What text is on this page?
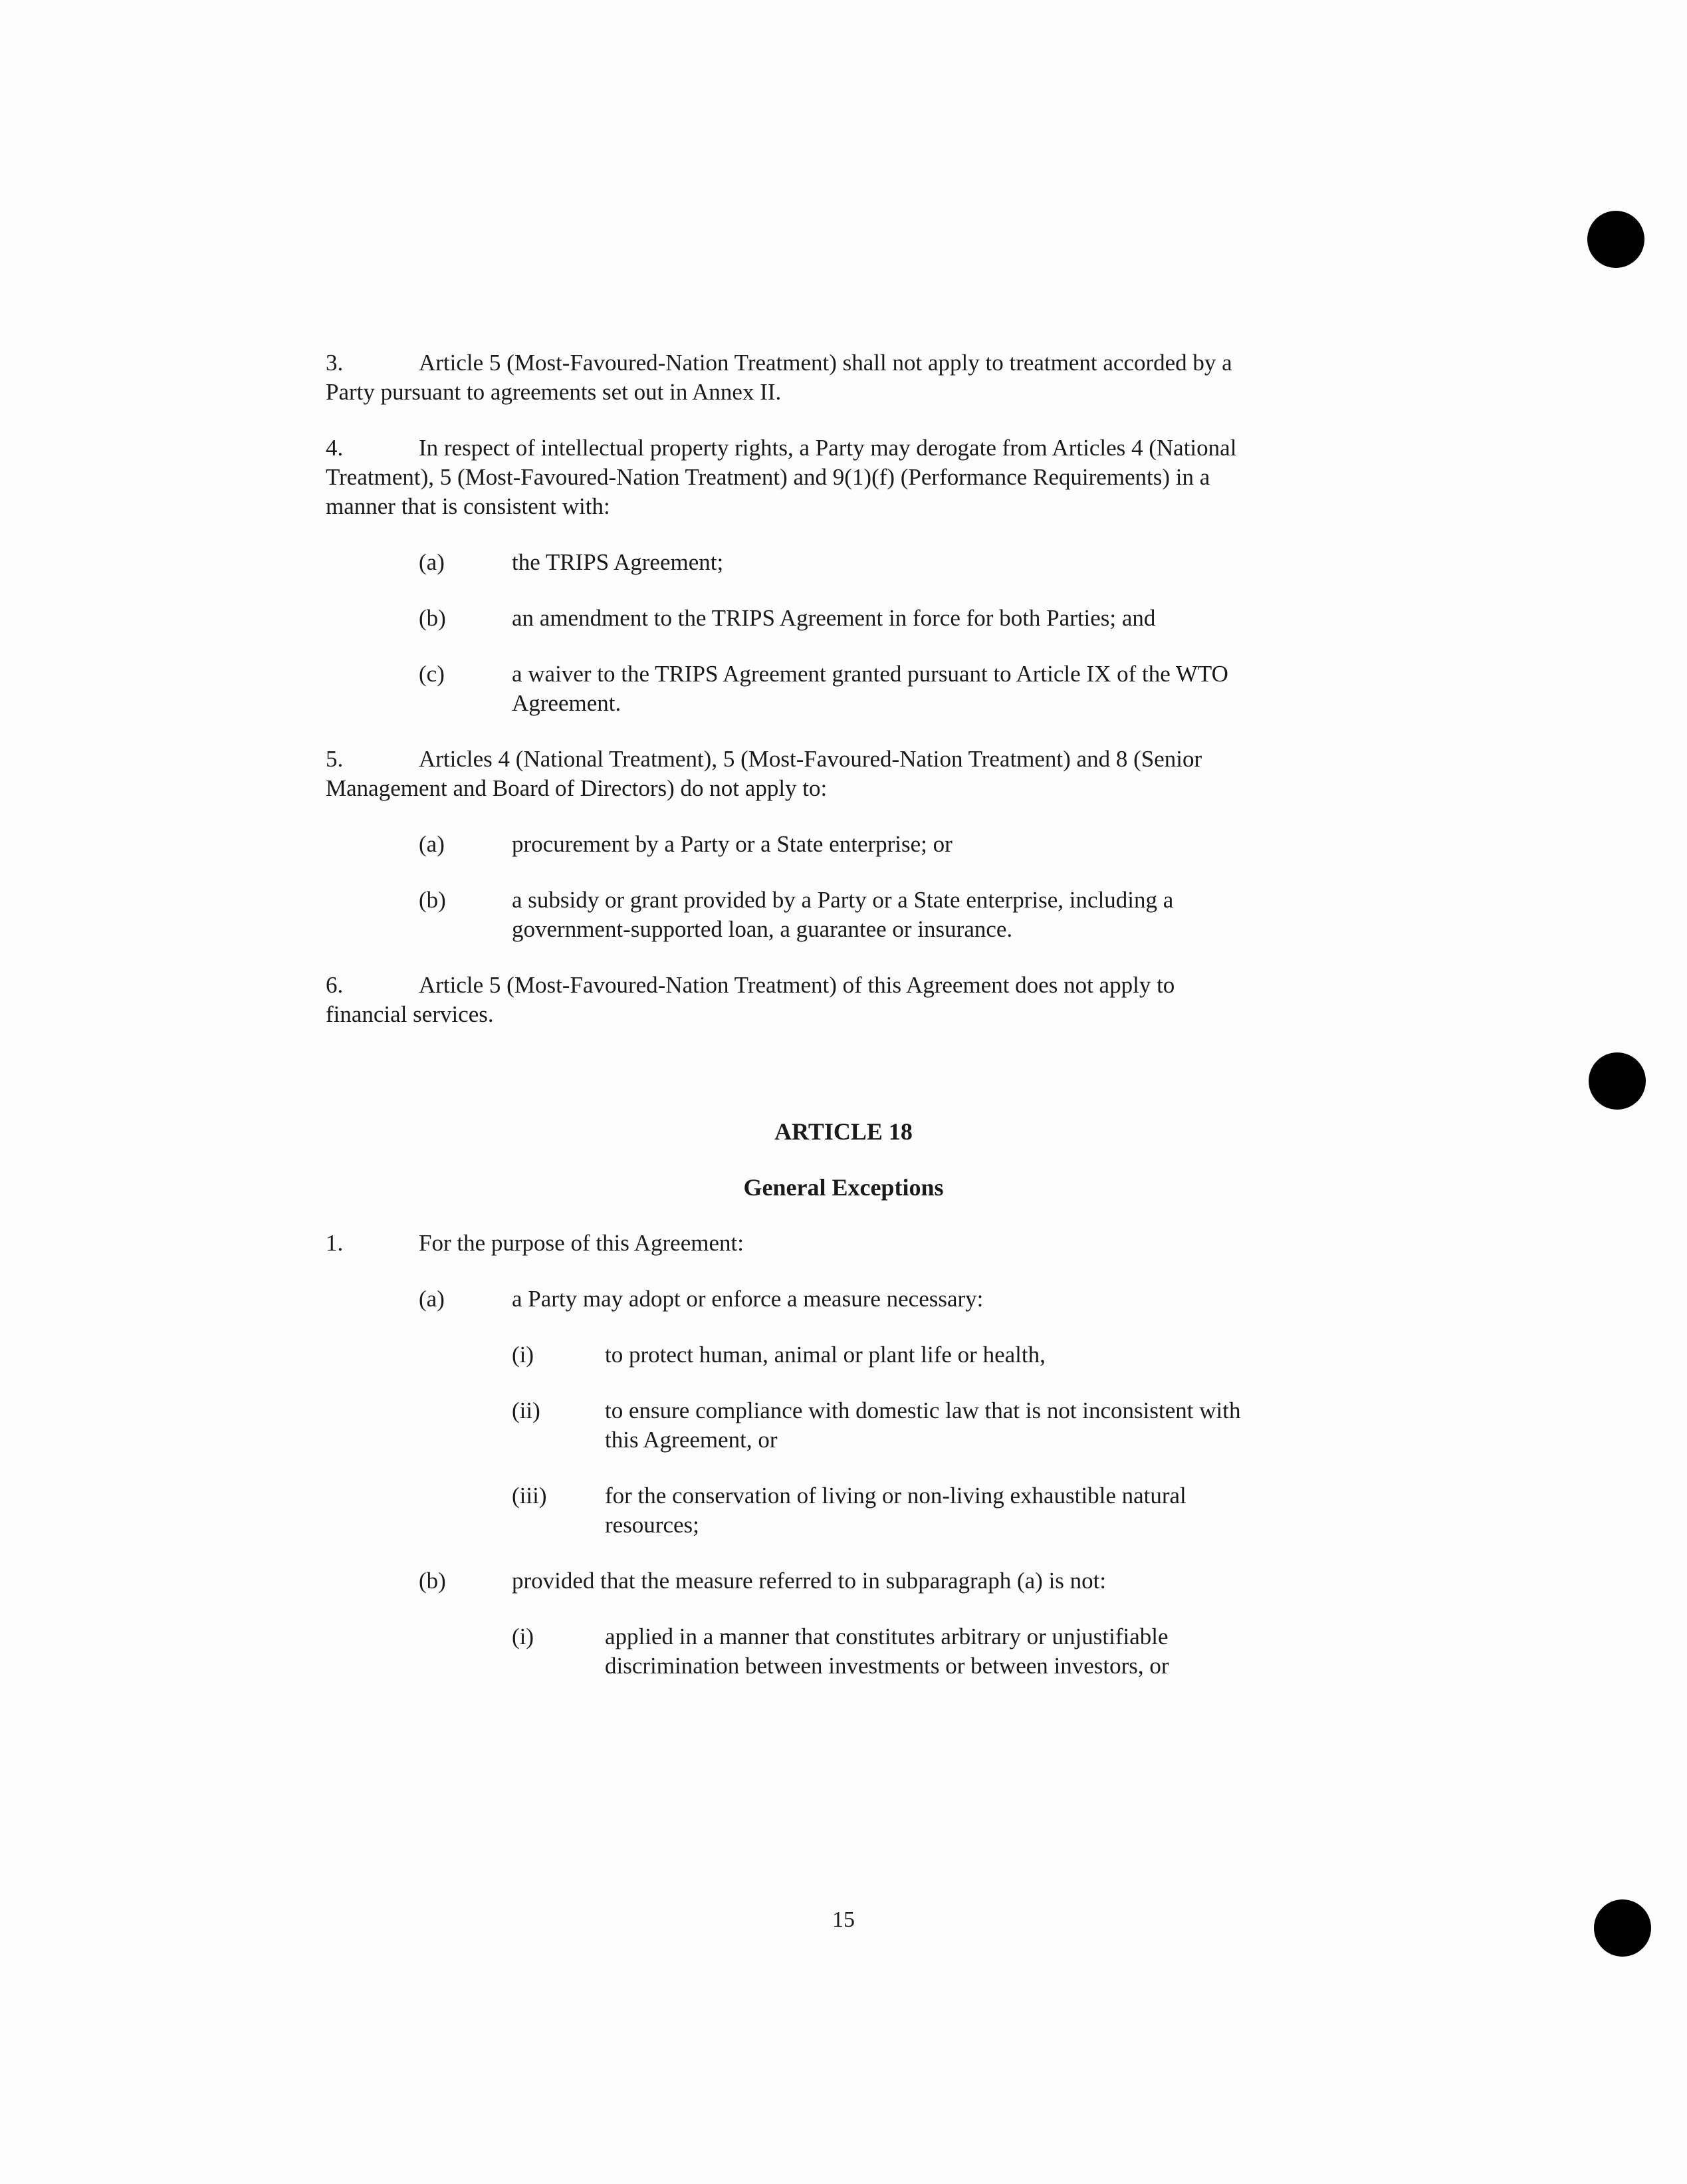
3.	Article 5 (Most-Favoured-Nation Treatment) shall not apply to treatment accorded by a
Party pursuant to agreements set out in Annex II.
4.	In respect of intellectual property rights, a Party may derogate from Articles 4 (National
Treatment), 5 (Most-Favoured-Nation Treatment) and 9(1)(f) (Performance Requirements) in a
manner that is consistent with:
(a)	the TRIPS Agreement;
(b)	an amendment to the TRIPS Agreement in force for both Parties; and
(c)	a waiver to the TRIPS Agreement granted pursuant to Article IX of the WTO
Agreement.
5.	Articles 4 (National Treatment), 5 (Most-Favoured-Nation Treatment) and 8 (Senior
Management and Board of Directors) do not apply to:
(a)	procurement by a Party or a State enterprise; or
(b)	a subsidy or grant provided by a Party or a State enterprise, including a
government-supported loan, a guarantee or insurance.
6.	Article 5 (Most-Favoured-Nation Treatment) of this Agreement does not apply to
financial services.
ARTICLE 18
General Exceptions
1.	For the purpose of this Agreement:
(a)	a Party may adopt or enforce a measure necessary:
(i)	to protect human, animal or plant life or health,
(ii)	to ensure compliance with domestic law that is not inconsistent with
this Agreement, or
(iii)	for the conservation of living or non-living exhaustible natural
resources;
(b)	provided that the measure referred to in subparagraph (a) is not:
(i)	applied in a manner that constitutes arbitrary or unjustifiable
discrimination between investments or between investors, or
15
